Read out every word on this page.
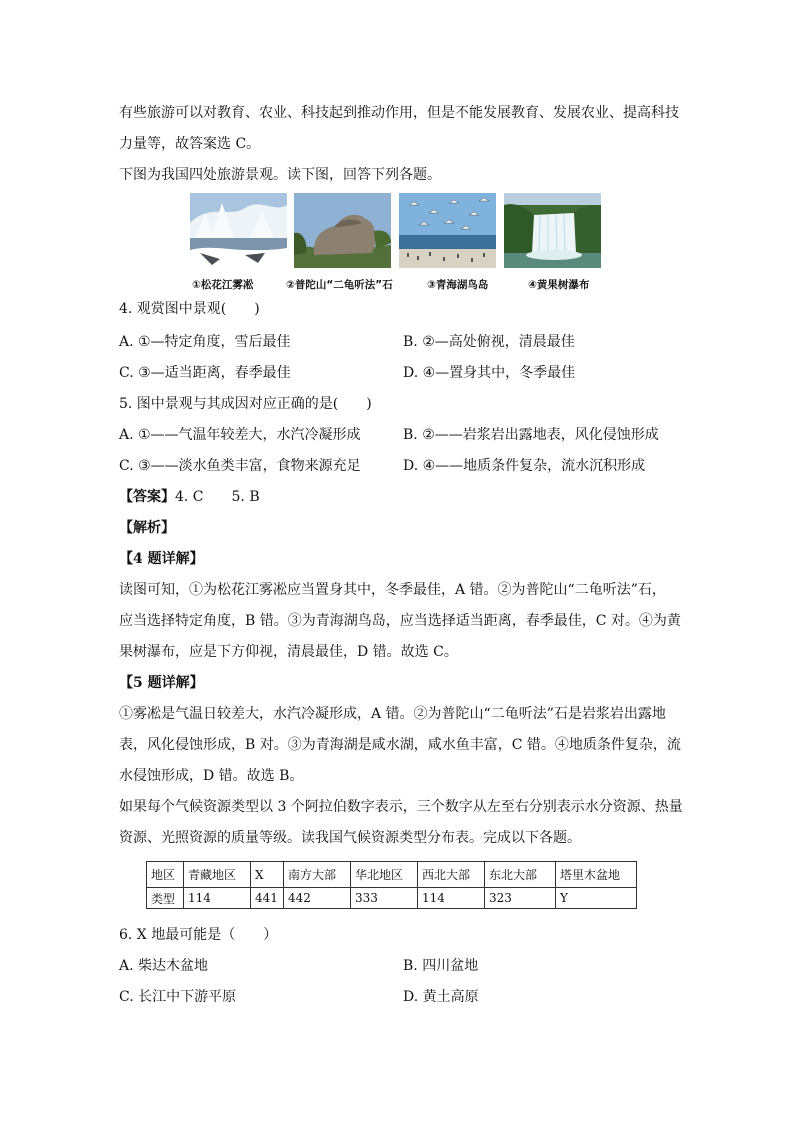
有些旅游可以对教育、农业、科技起到推动作用，但是不能发展教育、发展农业、提高科技
力量等，故答案选 C。
下图为我国四处旅游景观。读下图，回答下列各题。
①松花江雾凇	②普陀山“二龟听法”石	③青海湖鸟岛	④黄果树瀑布
4. 观赏图中景观(　　)
A. ①—特定角度，雪后最佳	B. ②—高处俯视，清晨最佳
C. ③—适当距离，春季最佳	D. ④—置身其中，冬季最佳
5. 图中景观与其成因对应正确的是(　　)
A. ①——气温年较差大，水汽冷凝形成	B. ②——岩浆岩出露地表，风化侵蚀形成
C. ③——淡水鱼类丰富，食物来源充足	D. ④——地质条件复杂，流水沉积形成
【答案】4. C　　5. B
【解析】
【4 题详解】
读图可知，①为松花江雾凇应当置身其中，冬季最佳，A 错。②为普陀山“二龟听法”石，
应当选择特定角度，B 错。③为青海湖鸟岛，应当选择适当距离，春季最佳，C 对。④为黄
果树瀑布，应是下方仰视，清晨最佳，D 错。故选 C。
【5 题详解】
①雾凇是气温日较差大，水汽冷凝形成，A 错。②为普陀山“二龟听法”石是岩浆岩出露地
表，风化侵蚀形成，B 对。③为青海湖是咸水湖，咸水鱼丰富，C 错。④地质条件复杂，流
水侵蚀形成，D 错。故选 B。
如果每个气候资源类型以 3 个阿拉伯数字表示，三个数字从左至右分别表示水分资源、热量
资源、光照资源的质量等级。读我国气候资源类型分布表。完成以下各题。
地区	青藏地区	X	南方大部	华北地区	西北大部	东北大部	塔里木盆地
类型	114	441	442	333	114	323	Y
6. X 地最可能是（　　）
A. 柴达木盆地	B. 四川盆地
C. 长江中下游平原	D. 黄土高原
